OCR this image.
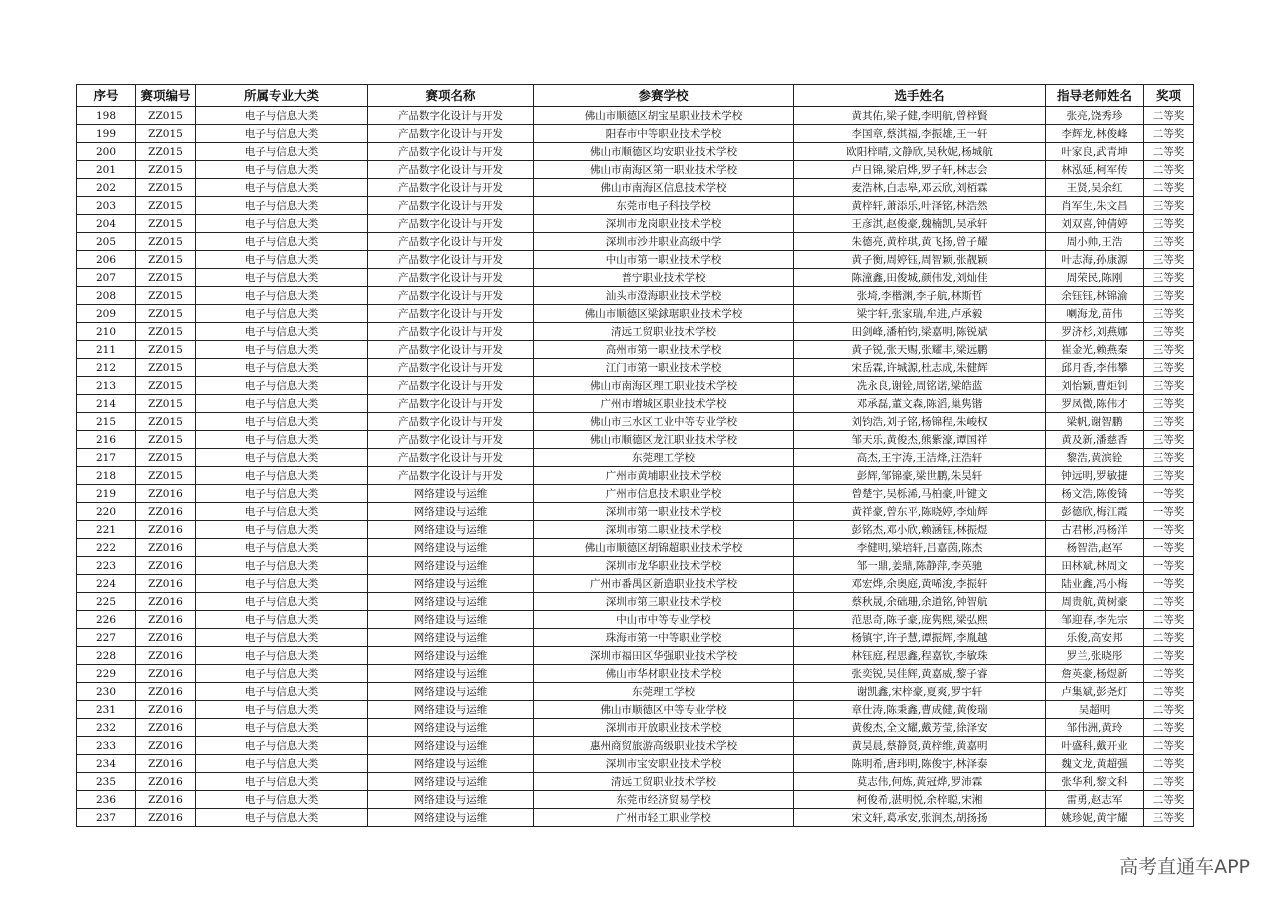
序号	赛项编号	所属专业大类	赛项名称	参赛学校	选手姓名	指导老师姓名	奖项
198	ZZ015	电子与信息大类	产品数字化设计与开发	佛山市顺德区胡宝星职业技术学校	黄其佑,梁子健,李明航,曾梓賢	张亮,饶秀珍	二等奖
199	ZZ015	电子与信息大类	产品数字化设计与开发	阳春市中等职业技术学校	李国章,蔡淇福,李振雄,王一轩	李辉龙,林俊峰	二等奖
200	ZZ015	电子与信息大类	产品数字化设计与开发	佛山市顺德区均安职业技术学校	欧阳梓晴,文静欣,吴秋妮,杨城航	叶家良,武青坤	二等奖
201	ZZ015	电子与信息大类	产品数字化设计与开发	佛山市南海区第一职业技术学校	卢日锦,梁启烨,罗子轩,林志会	林泓延,柯军传	二等奖
202	ZZ015	电子与信息大类	产品数字化设计与开发	佛山市南海区信息技术学校	麦浩林,白志皋,邓云欣,刘栢霖	王贤,吴余红	二等奖
203	ZZ015	电子与信息大类	产品数字化设计与开发	东莞市电子科技学校	黄梓轩,萧添乐,叶泽铭,林浩然	肖军生,朱文昌	三等奖
204	ZZ015	电子与信息大类	产品数字化设计与开发	深圳市龙岗职业技术学校	王彦淇,赵俊豪,魏楠凯,吴承轩	刘双喜,钟倩婷	三等奖
205	ZZ015	电子与信息大类	产品数字化设计与开发	深圳市沙井职业高级中学	朱德亮,黄梓琪,黄飞扬,曾子耀	周小帅,王浩	三等奖
206	ZZ015	电子与信息大类	产品数字化设计与开发	中山市第一职业技术学校	黄子衡,周婷钰,周智颖,张靓颖	叶志海,孙康源	三等奖
207	ZZ015	电子与信息大类	产品数字化设计与开发	普宁职业技术学校	陈潼鑫,田俊城,颜伟发,刘灿佳	周荣民,陈刚	三等奖
208	ZZ015	电子与信息大类	产品数字化设计与开发	汕头市澄海职业技术学校	张埼,李楷渊,李子航,林斯哲	余钰钰,林锦渝	三等奖
209	ZZ015	电子与信息大类	产品数字化设计与开发	佛山市顺德区梁銶琚职业技术学校	梁宇轩,张家瑞,牟进,卢承毅	喇海龙,苗伟	三等奖
210	ZZ015	电子与信息大类	产品数字化设计与开发	清远工贸职业技术学校	田剑峰,潘柏钧,梁嘉明,陈锐斌	罗济杉,刘燕娜	三等奖
211	ZZ015	电子与信息大类	产品数字化设计与开发	高州市第一职业技术学校	黄子锐,张天赐,张耀丰,梁远鹏	崔金光,赖燕秦	三等奖
212	ZZ015	电子与信息大类	产品数字化设计与开发	江门市第一职业技术学校	宋岳霖,许城源,杜志成,朱健辉	邱月香,李伟攀	三等奖
213	ZZ015	电子与信息大类	产品数字化设计与开发	佛山市南海区理工职业技术学校	冼永良,谢铨,周铭诺,梁皓蓝	刘怡颖,曹炬钊	三等奖
214	ZZ015	电子与信息大类	产品数字化设计与开发	广州市增城区职业技术学校	邓承磊,董文森,陈滔,巢隽锴	罗凤微,陈伟才	三等奖
215	ZZ015	电子与信息大类	产品数字化设计与开发	佛山市三水区工业中等专业学校	刘钧浩,刘子铭,杨锦程,朱峻权	梁帆,谢智鹏	三等奖
216	ZZ015	电子与信息大类	产品数字化设计与开发	佛山市顺德区龙江职业技术学校	邹天乐,黄俊杰,熊紫濠,谭国祥	黄及新,潘慈香	三等奖
217	ZZ015	电子与信息大类	产品数字化设计与开发	东莞理工学校	高杰,王宇涛,王洁烽,汪浩轩	黎浩,黄滨铨	三等奖
218	ZZ015	电子与信息大类	产品数字化设计与开发	广州市黄埔职业技术学校	彭辉,邹锦豪,梁世鹏,朱昊轩	钟远明,罗敏捷	三等奖
219	ZZ016	电子与信息大类	网络建设与运维	广州市信息技术职业学校	曾楚宇,吴栎浠,马柏豪,叶键文	杨文浩,陈俊锜	一等奖
220	ZZ016	电子与信息大类	网络建设与运维	深圳市第一职业技术学校	黄祥豪,曾东平,陈晓婷,李灿辉	彭德欣,梅江霞	一等奖
221	ZZ016	电子与信息大类	网络建设与运维	深圳市第二职业技术学校	彭铭杰,邓小欣,赖涵钰,林振煜	古君彬,冯杨洋	一等奖
222	ZZ016	电子与信息大类	网络建设与运维	佛山市顺德区胡锦超职业技术学校	李健明,梁培轩,吕嘉茵,陈杰	杨智浩,赵军	一等奖
223	ZZ016	电子与信息大类	网络建设与运维	深圳市龙华职业技术学校	邹一鼎,姜鼎,陈静萍,李英驰	田林斌,林周文	一等奖
224	ZZ016	电子与信息大类	网络建设与运维	广州市番禺区新造职业技术学校	邓宏烨,余奥庭,黄唏浚,李振轩	陆业鑫,冯小梅	一等奖
225	ZZ016	电子与信息大类	网络建设与运维	深圳市第三职业技术学校	蔡秋晟,余础珊,余道铭,钟智航	周贵航,黄树豪	二等奖
226	ZZ016	电子与信息大类	网络建设与运维	中山市中等专业学校	范思奇,陈子豪,庞隽熙,梁弘熙	邹迎春,李先宗	二等奖
227	ZZ016	电子与信息大类	网络建设与运维	珠海市第一中等职业学校	杨镇宇,许子慧,谭振辉,李胤越	乐俊,高安邦	二等奖
228	ZZ016	电子与信息大类	网络建设与运维	深圳市福田区华强职业技术学校	林钰庭,程思鑫,程嘉钦,李敏珠	罗兰,张晓彤	二等奖
229	ZZ016	电子与信息大类	网络建设与运维	佛山市华材职业技术学校	张奕锐,吴佳辉,黄嘉威,黎子睿	詹英豪,杨煜新	二等奖
230	ZZ016	电子与信息大类	网络建设与运维	东莞理工学校	谢凯鑫,宋梓豪,夏爽,罗宇轩	卢集斌,彭尧灯	二等奖
231	ZZ016	电子与信息大类	网络建设与运维	佛山市顺德区中等专业学校	章仕涛,陈秉鑫,曹成健,黄俊瑞	吴超明	二等奖
232	ZZ016	电子与信息大类	网络建设与运维	深圳市开放职业技术学校	黄俊杰,全文耀,戴芳莹,徐泽安	邹伟洲,黄玲	二等奖
233	ZZ016	电子与信息大类	网络建设与运维	惠州商贸旅游高级职业技术学校	黄昊晨,蔡静贤,黄梓维,黄嘉明	叶盛科,戴开业	二等奖
234	ZZ016	电子与信息大类	网络建设与运维	深圳市宝安职业技术学校	陈明希,唐玮明,陈俊宇,林泽泰	魏文龙,黄超强	二等奖
235	ZZ016	电子与信息大类	网络建设与运维	清远工贸职业技术学校	莫志伟,何炼,黄冠烨,罗沛霖	张华利,黎文科	二等奖
236	ZZ016	电子与信息大类	网络建设与运维	东莞市经济贸易学校	柯俊希,湛明悦,余梓聪,宋湘	雷勇,赵志军	二等奖
237	ZZ016	电子与信息大类	网络建设与运维	广州市轻工职业学校	宋文轩,葛承安,张润杰,胡扬扬	姚珍妮,黄宇耀	三等奖
高考直通车APP
